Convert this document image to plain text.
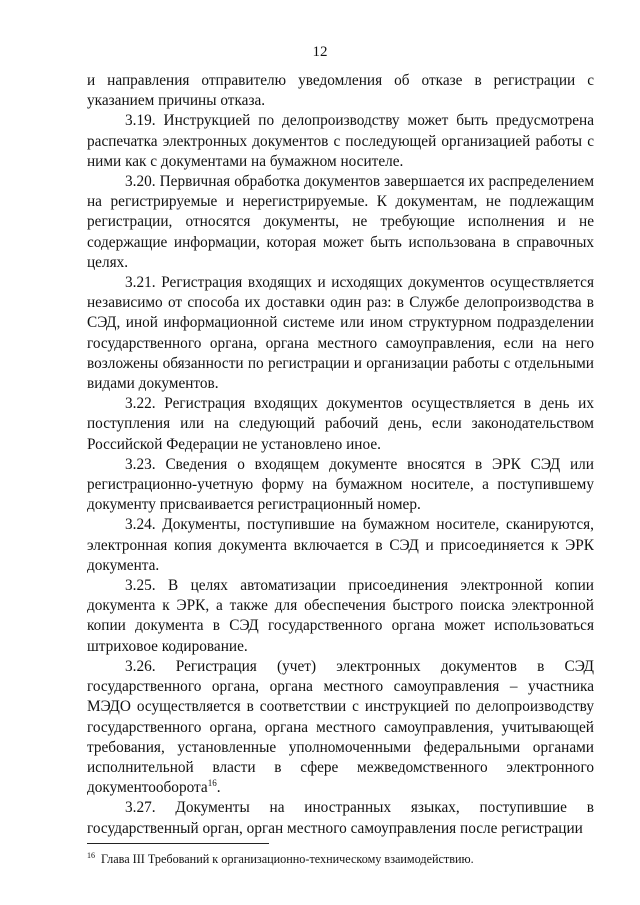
12

и направления отправителю уведомления об отказе в регистрации с указанием причины отказа.

3.19. Инструкцией по делопроизводству может быть предусмотрена распечатка электронных документов с последующей организацией работы с ними как с документами на бумажном носителе.

3.20. Первичная обработка документов завершается их распределением на регистрируемые и нерегистрируемые. К документам, не подлежащим регистрации, относятся документы, не требующие исполнения и не содержащие информации, которая может быть использована в справочных целях.

3.21. Регистрация входящих и исходящих документов осуществляется независимо от способа их доставки один раз: в Службе делопроизводства в СЭД, иной информационной системе или ином структурном подразделении государственного органа, органа местного самоуправления, если на него возложены обязанности по регистрации и организации работы с отдельными видами документов.

3.22. Регистрация входящих документов осуществляется в день их поступления или на следующий рабочий день, если законодательством Российской Федерации не установлено иное.

3.23. Сведения о входящем документе вносятся в ЭРК СЭД или регистрационно-учетную форму на бумажном носителе, а поступившему документу присваивается регистрационный номер.

3.24. Документы, поступившие на бумажном носителе, сканируются, электронная копия документа включается в СЭД и присоединяется к ЭРК документа.

3.25. В целях автоматизации присоединения электронной копии документа к ЭРК, а также для обеспечения быстрого поиска электронной копии документа в СЭД государственного органа может использоваться штриховое кодирование.

3.26. Регистрация (учет) электронных документов в СЭД государственного органа, органа местного самоуправления – участника МЭДО осуществляется в соответствии с инструкцией по делопроизводству государственного органа, органа местного самоуправления, учитывающей требования, установленные уполномоченными федеральными органами исполнительной власти в сфере межведомственного электронного документооборота$^{16}$.

3.27. Документы на иностранных языках, поступившие в государственный орган, орган местного самоуправления после регистрации

$^{16}$ Глава III Требований к организационно-техническому взаимодействию.
